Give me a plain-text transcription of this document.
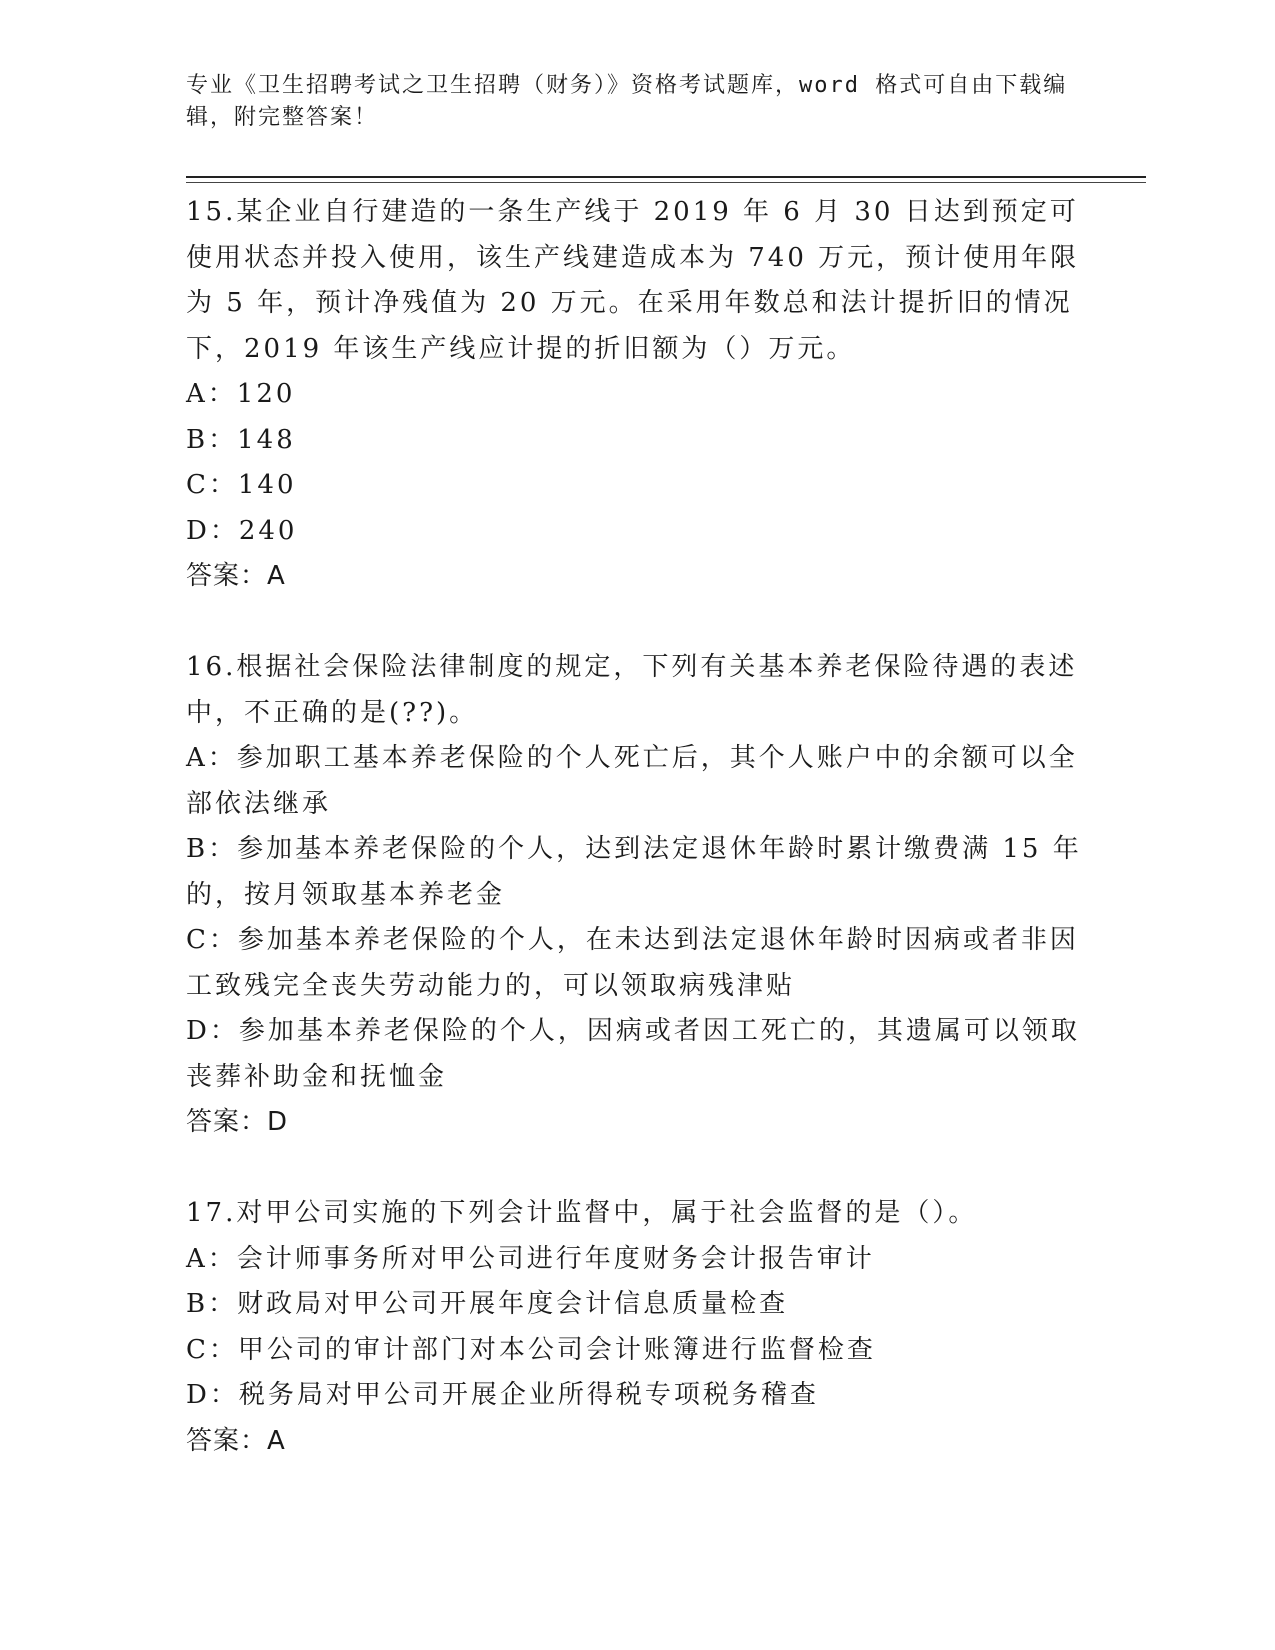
专业《卫生招聘考试之卫生招聘（财务）》资格考试题库，word 格式可自由下载编辑，附完整答案！

15.某企业自行建造的一条生产线于 2019 年 6 月 30 日达到预定可使用状态并投入使用，该生产线建造成本为 740 万元，预计使用年限为 5 年，预计净残值为 20 万元。在采用年数总和法计提折旧的情况下，2019 年该生产线应计提的折旧额为（）万元。

A：120

B：148

C：140

D：240

答案：A

16.根据社会保险法律制度的规定，下列有关基本养老保险待遇的表述中，不正确的是(??)。

A：参加职工基本养老保险的个人死亡后，其个人账户中的余额可以全部依法继承

B：参加基本养老保险的个人，达到法定退休年龄时累计缴费满 15 年的，按月领取基本养老金

C：参加基本养老保险的个人，在未达到法定退休年龄时因病或者非因工致残完全丧失劳动能力的，可以领取病残津贴

D：参加基本养老保险的个人，因病或者因工死亡的，其遗属可以领取丧葬补助金和抚恤金

答案：D

17.对甲公司实施的下列会计监督中，属于社会监督的是（）。

A：会计师事务所对甲公司进行年度财务会计报告审计

B：财政局对甲公司开展年度会计信息质量检查

C：甲公司的审计部门对本公司会计账簿进行监督检查

D：税务局对甲公司开展企业所得税专项税务稽查

答案：A
